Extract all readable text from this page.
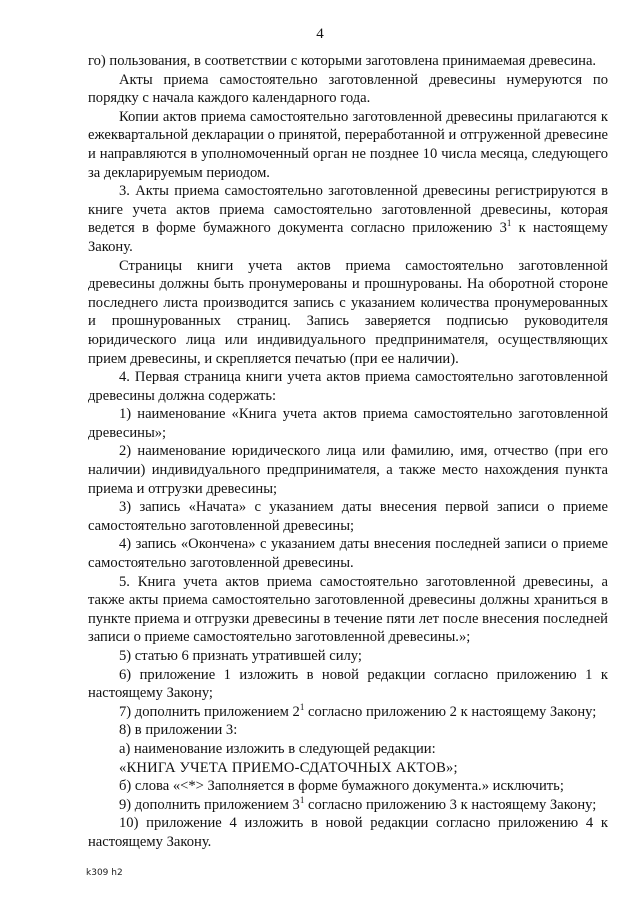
4

го) пользования, в соответствии с которыми заготовлена принимаемая древесина.

Акты приема самостоятельно заготовленной древесины нумеруются по порядку с начала каждого календарного года.

Копии актов приема самостоятельно заготовленной древесины прилагаются к ежеквартальной декларации о принятой, переработанной и отгруженной древесине и направляются в уполномоченный орган не позднее 10 числа месяца, следующего за декларируемым периодом.

3. Акты приема самостоятельно заготовленной древесины регистрируются в книге учета актов приема самостоятельно заготовленной древесины, которая ведется в форме бумажного документа согласно приложению $3^1$ к настоящему Закону.

Страницы книги учета актов приема самостоятельно заготовленной древесины должны быть пронумерованы и прошнурованы. На оборотной стороне последнего листа производится запись с указанием количества пронумерованных и прошнурованных страниц. Запись заверяется подписью руководителя юридического лица или индивидуального предпринимателя, осуществляющих прием древесины, и скрепляется печатью (при ее наличии).

4. Первая страница книги учета актов приема самостоятельно заготовленной древесины должна содержать:

1) наименование «Книга учета актов приема самостоятельно заготовленной древесины»;

2) наименование юридического лица или фамилию, имя, отчество (при его наличии) индивидуального предпринимателя, а также место нахождения пункта приема и отгрузки древесины;

3) запись «Начата» с указанием даты внесения первой записи о приеме самостоятельно заготовленной древесины;

4) запись «Окончена» с указанием даты внесения последней записи о приеме самостоятельно заготовленной древесины.

5. Книга учета актов приема самостоятельно заготовленной древесины, а также акты приема самостоятельно заготовленной древесины должны храниться в пункте приема и отгрузки древесины в течение пяти лет после внесения последней записи о приеме самостоятельно заготовленной древесины.»;

5) статью 6 признать утратившей силу;

6) приложение 1 изложить в новой редакции согласно приложению 1 к настоящему Закону;

7) дополнить приложением $2^1$ согласно приложению 2 к настоящему Закону;

8) в приложении 3:

а) наименование изложить в следующей редакции:

«КНИГА УЧЕТА ПРИЕМО-СДАТОЧНЫХ АКТОВ»;

б) слова «<*> Заполняется в форме бумажного документа.» исключить;

9) дополнить приложением $3^1$ согласно приложению 3 к настоящему Закону;

10) приложение 4 изложить в новой редакции согласно приложению 4 к настоящему Закону.

k309 h2
